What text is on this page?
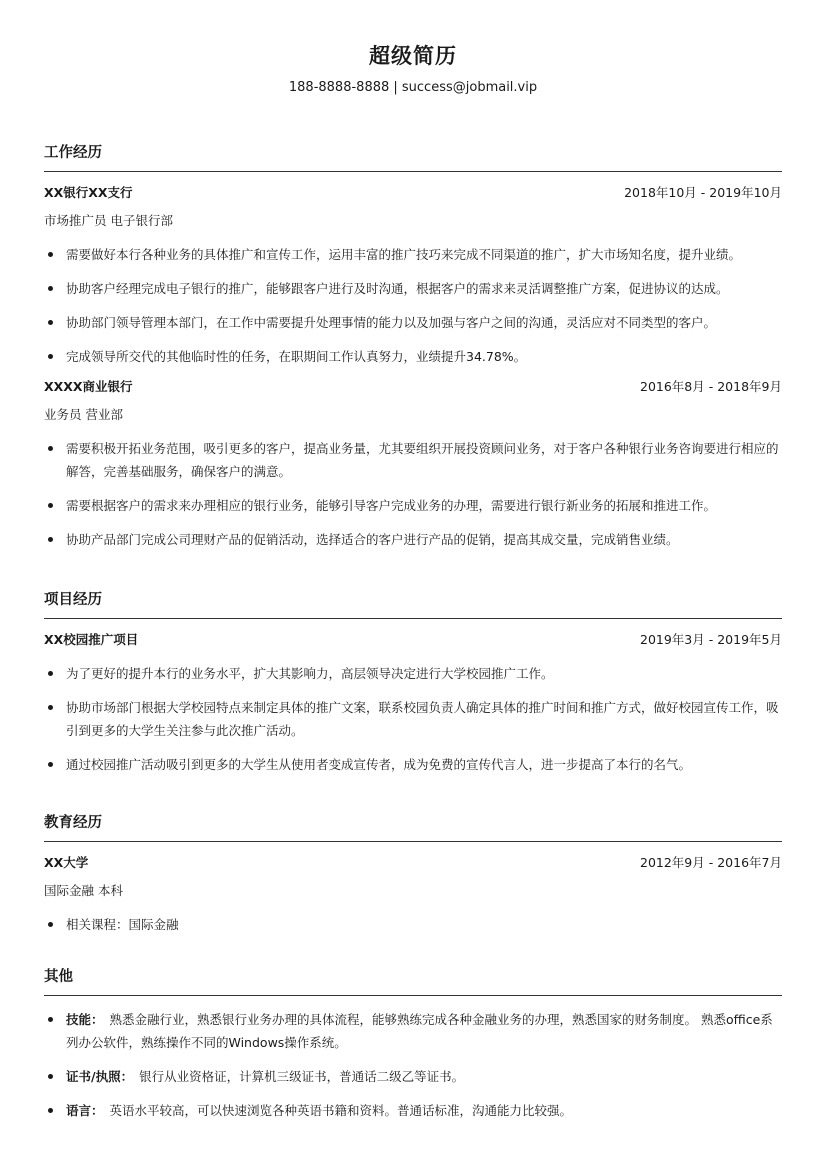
超级简历
188-8888-8888 | success@jobmail.vip
工作经历
XX银行XX支行	2018年10月 - 2019年10月
市场推广员 电子银行部
需要做好本行各种业务的具体推广和宣传工作，运用丰富的推广技巧来完成不同渠道的推广，扩大市场知名度，提升业绩。
协助客户经理完成电子银行的推广，能够跟客户进行及时沟通，根据客户的需求来灵活调整推广方案，促进协议的达成。
协助部门领导管理本部门，在工作中需要提升处理事情的能力以及加强与客户之间的沟通，灵活应对不同类型的客户。
完成领导所交代的其他临时性的任务，在职期间工作认真努力，业绩提升34.78%。
XXXX商业银行	2016年8月 - 2018年9月
业务员 营业部
需要积极开拓业务范围，吸引更多的客户，提高业务量，尤其要组织开展投资顾问业务，对于客户各种银行业务咨询要进行相应的解答，完善基础服务，确保客户的满意。
需要根据客户的需求来办理相应的银行业务，能够引导客户完成业务的办理，需要进行银行新业务的拓展和推进工作。
协助产品部门完成公司理财产品的促销活动，选择适合的客户进行产品的促销，提高其成交量，完成销售业绩。
项目经历
XX校园推广项目	2019年3月 - 2019年5月
为了更好的提升本行的业务水平，扩大其影响力，高层领导决定进行大学校园推广工作。
协助市场部门根据大学校园特点来制定具体的推广文案，联系校园负责人确定具体的推广时间和推广方式，做好校园宣传工作，吸引到更多的大学生关注参与此次推广活动。
通过校园推广活动吸引到更多的大学生从使用者变成宣传者，成为免费的宣传代言人，进一步提高了本行的名气。
教育经历
XX大学	2012年9月 - 2016年7月
国际金融 本科
相关课程：国际金融
其他
技能： 熟悉金融行业，熟悉银行业务办理的具体流程，能够熟练完成各种金融业务的办理，熟悉国家的财务制度。 熟悉office系列办公软件，熟练操作不同的Windows操作系统。
证书/执照： 银行从业资格证，计算机三级证书，普通话二级乙等证书。
语言： 英语水平较高，可以快速浏览各种英语书籍和资料。普通话标准，沟通能力比较强。
